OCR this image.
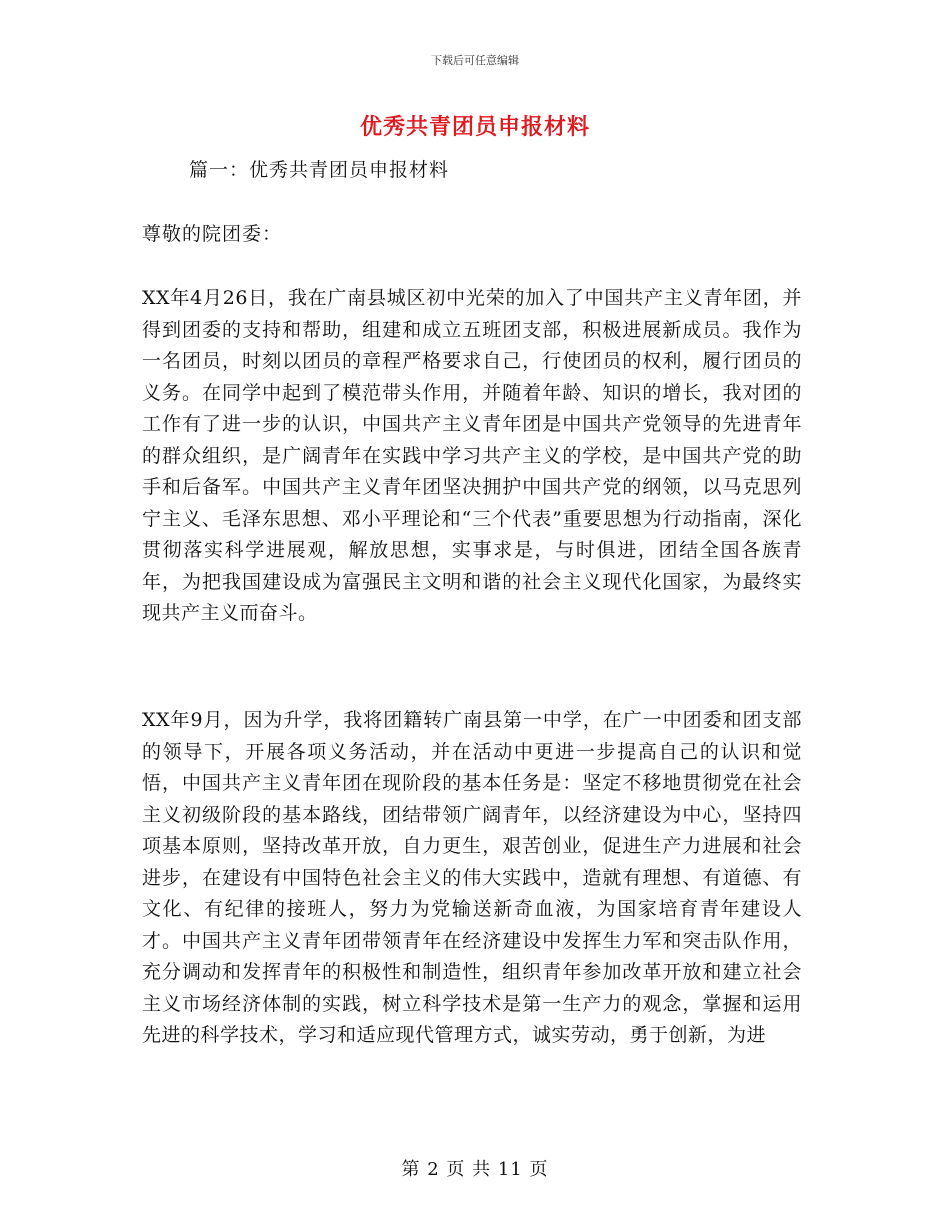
下载后可任意编辑
优秀共青团员申报材料
篇一：优秀共青团员申报材料
尊敬的院团委：

XX年4月26日，我在广南县城区初中光荣的加入了中国共产主义青年团，并得到团委的支持和帮助，组建和成立五班团支部，积极进展新成员。我作为一名团员，时刻以团员的章程严格要求自己，行使团员的权利，履行团员的义务。在同学中起到了模范带头作用，并随着年龄、知识的增长，我对团的工作有了进一步的认识，中国共产主义青年团是中国共产党领导的先进青年的群众组织，是广阔青年在实践中学习共产主义的学校，是中国共产党的助手和后备军。中国共产主义青年团坚决拥护中国共产党的纲领，以马克思列宁主义、毛泽东思想、邓小平理论和“三个代表”重要思想为行动指南，深化贯彻落实科学进展观，解放思想，实事求是，与时俱进，团结全国各族青年，为把我国建设成为富强民主文明和谐的社会主义现代化国家，为最终实现共产主义而奋斗。

XX年9月，因为升学，我将团籍转广南县第一中学，在广一中团委和团支部的领导下，开展各项义务活动，并在活动中更进一步提高自己的认识和觉悟，中国共产主义青年团在现阶段的基本任务是：坚定不移地贯彻党在社会主义初级阶段的基本路线，团结带领广阔青年，以经济建设为中心，坚持四项基本原则，坚持改革开放，自力更生，艰苦创业，促进生产力进展和社会进步，在建设有中国特色社会主义的伟大实践中，造就有理想、有道德、有文化、有纪律的接班人，努力为党输送新奇血液，为国家培育青年建设人才。中国共产主义青年团带领青年在经济建设中发挥生力军和突击队作用，充分调动和发挥青年的积极性和制造性，组织青年参加改革开放和建立社会主义市场经济体制的实践，树立科学技术是第一生产力的观念，掌握和运用先进的科学技术，学习和适应现代管理方式，诚实劳动，勇于创新，为进

第 2 页 共 11 页
